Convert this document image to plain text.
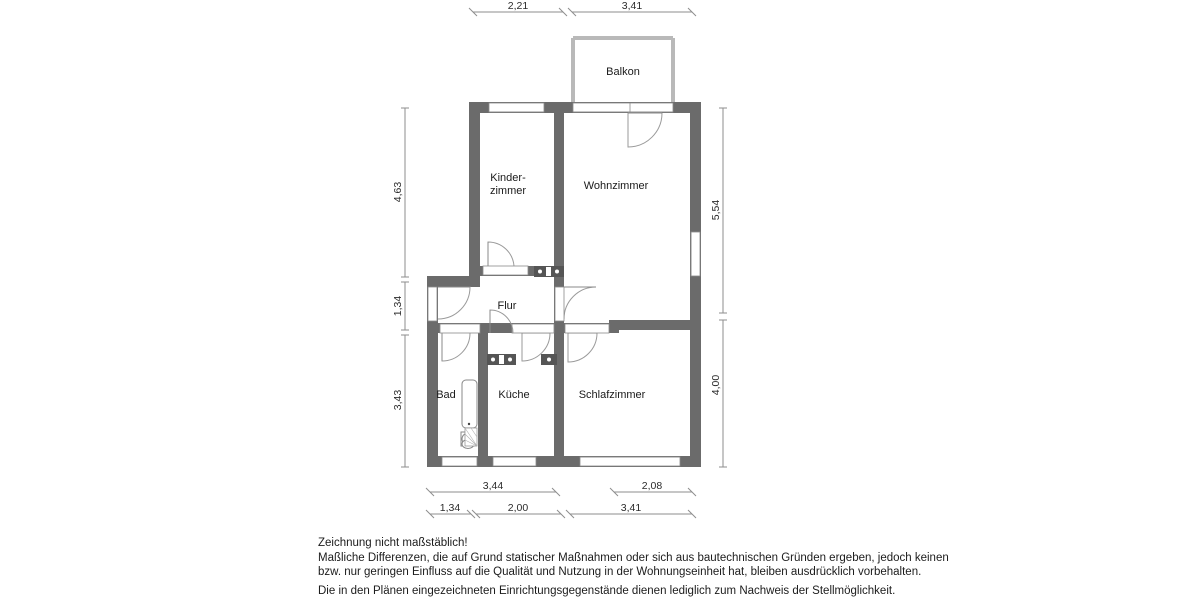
2,21	3,41
4,63
1,34
3,43
5,54
4,00
3,44	2,08
1,34	2,00	3,41
Balkon
Kinder-
zimmer	Wohnzimmer
Flur
Bad	Küche	Schlafzimmer
Zeichnung nicht maßstäblich!
Maßliche Differenzen, die auf Grund statischer Maßnahmen oder sich aus bautechnischen Gründen ergeben, jedoch keinen
bzw. nur geringen Einfluss auf die Qualität und Nutzung in der Wohnungseinheit hat, bleiben ausdrücklich vorbehalten.
Die in den Plänen eingezeichneten Einrichtungsgegenstände dienen lediglich zum Nachweis der Stellmöglichkeit.
